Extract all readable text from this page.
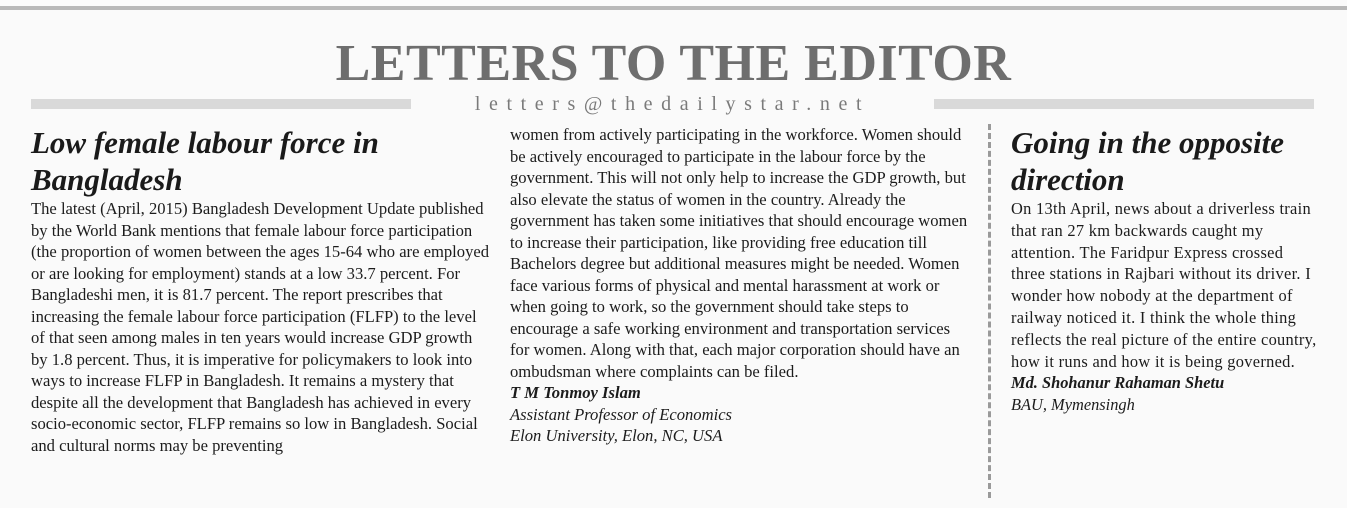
LETTERS TO THE EDITOR
letters@thedailystar.net
Low female labour force in Bangladesh

The latest (April, 2015) Bangladesh Development Update published by the World Bank mentions that female labour force participation (the proportion of women between the ages 15-64 who are employed or are looking for employment) stands at a low 33.7 percent. For Bangladeshi men, it is 81.7 percent. The report prescribes that increasing the female labour force participation (FLFP) to the level of that seen among males in ten years would increase GDP growth by 1.8 percent. Thus, it is imperative for policymakers to look into ways to increase FLFP in Bangladesh. It remains a mystery that despite all the development that Bangladesh has achieved in every socio-economic sector, FLFP remains so low in Bangladesh. Social and cultural norms may be preventing

women from actively participating in the workforce. Women should be actively encouraged to participate in the labour force by the government. This will not only help to increase the GDP growth, but also elevate the status of women in the country. Already the government has taken some initiatives that should encourage women to increase their participation, like providing free education till Bachelors degree but additional measures might be needed. Women face various forms of physical and mental harassment at work or when going to work, so the government should take steps to encourage a safe working environment and transportation services for women. Along with that, each major corporation should have an ombudsman where complaints can be filed.

T M Tonmoy Islam
Assistant Professor of Economics
Elon University, Elon, NC, USA
Going in the opposite direction

On 13th April, news about a driverless train that ran 27 km backwards caught my attention. The Faridpur Express crossed three stations in Rajbari without its driver. I wonder how nobody at the department of railway noticed it. I think the whole thing reflects the real picture of the entire country, how it runs and how it is being governed.

Md. Shohanur Rahaman Shetu
BAU, Mymensingh
